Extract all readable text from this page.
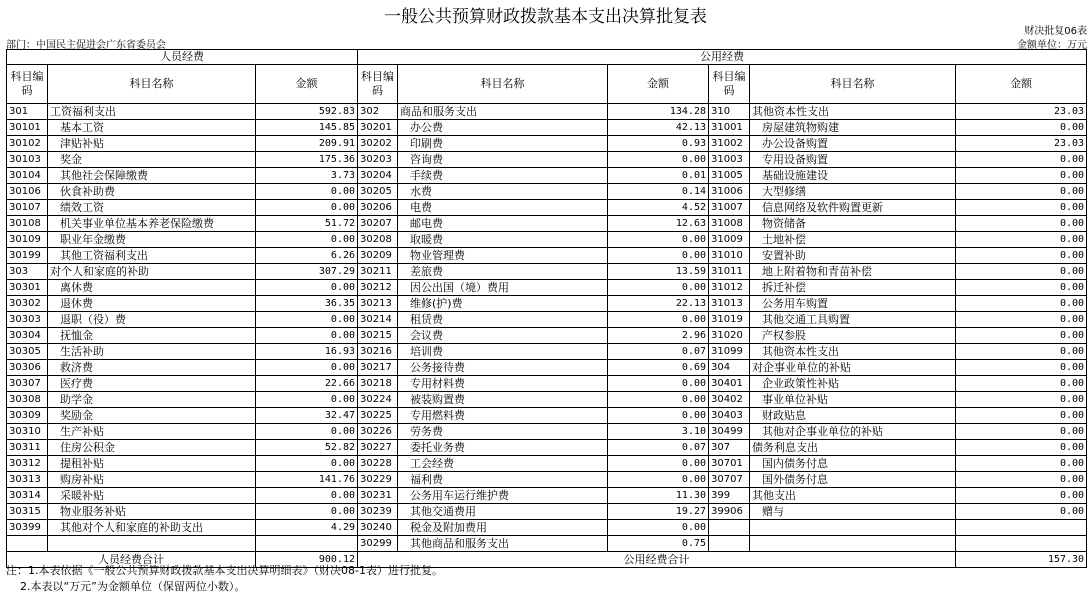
一般公共预算财政拨款基本支出决算批复表
财决批复06表
部门：中国民主促进会广东省委员会	金额单位：万元
人员经费			公用经费					
科目编码	科目名称	金额	科目编码	科目名称	金额	科目编码	科目名称	金额
301	工资福利支出	592.83	302	商品和服务支出	134.28	310	其他资本性支出	23.03
30101	基本工资	145.85	30201	办公费	42.13	31001	房屋建筑物购建	0.00
30102	津贴补贴	209.91	30202	印刷费	0.93	31002	办公设备购置	23.03
30103	奖金	175.36	30203	咨询费	0.00	31003	专用设备购置	0.00
30104	其他社会保障缴费	3.73	30204	手续费	0.01	31005	基础设施建设	0.00
30106	伙食补助费	0.00	30205	水费	0.14	31006	大型修缮	0.00
30107	绩效工资	0.00	30206	电费	4.52	31007	信息网络及软件购置更新	0.00
30108	机关事业单位基本养老保险缴费	51.72	30207	邮电费	12.63	31008	物资储备	0.00
30109	职业年金缴费	0.00	30208	取暖费	0.00	31009	土地补偿	0.00
30199	其他工资福利支出	6.26	30209	物业管理费	0.00	31010	安置补助	0.00
303	对个人和家庭的补助	307.29	30211	差旅费	13.59	31011	地上附着物和青苗补偿	0.00
30301	离休费	0.00	30212	因公出国（境）费用	0.00	31012	拆迁补偿	0.00
30302	退休费	36.35	30213	维修(护)费	22.13	31013	公务用车购置	0.00
30303	退职（役）费	0.00	30214	租赁费	0.00	31019	其他交通工具购置	0.00
30304	抚恤金	0.00	30215	会议费	2.96	31020	产权参股	0.00
30305	生活补助	16.93	30216	培训费	0.07	31099	其他资本性支出	0.00
30306	救济费	0.00	30217	公务接待费	0.69	304	对企事业单位的补贴	0.00
30307	医疗费	22.66	30218	专用材料费	0.00	30401	企业政策性补贴	0.00
30308	助学金	0.00	30224	被装购置费	0.00	30402	事业单位补贴	0.00
30309	奖励金	32.47	30225	专用燃料费	0.00	30403	财政贴息	0.00
30310	生产补贴	0.00	30226	劳务费	3.10	30499	其他对企事业单位的补贴	0.00
30311	住房公积金	52.82	30227	委托业务费	0.07	307	债务利息支出	0.00
30312	提租补贴	0.00	30228	工会经费	0.00	30701	国内债务付息	0.00
30313	购房补贴	141.76	30229	福利费	0.00	30707	国外债务付息	0.00
30314	采暖补贴	0.00	30231	公务用车运行维护费	11.30	399	其他支出	0.00
30315	物业服务补贴	0.00	30239	其他交通费用	19.27	39906	赠与	0.00
30399	其他对个人和家庭的补助支出	4.29	30240	税金及附加费用	0.00			
			30299	其他商品和服务支出	0.75			
人员经费合计		900.12	公用经费合计					157.30
注：1.本表依据《一般公共预算财政拨款基本支出决算明细表》（财决08-1表）进行批复。
2.本表以“万元”为金额单位（保留两位小数）。
